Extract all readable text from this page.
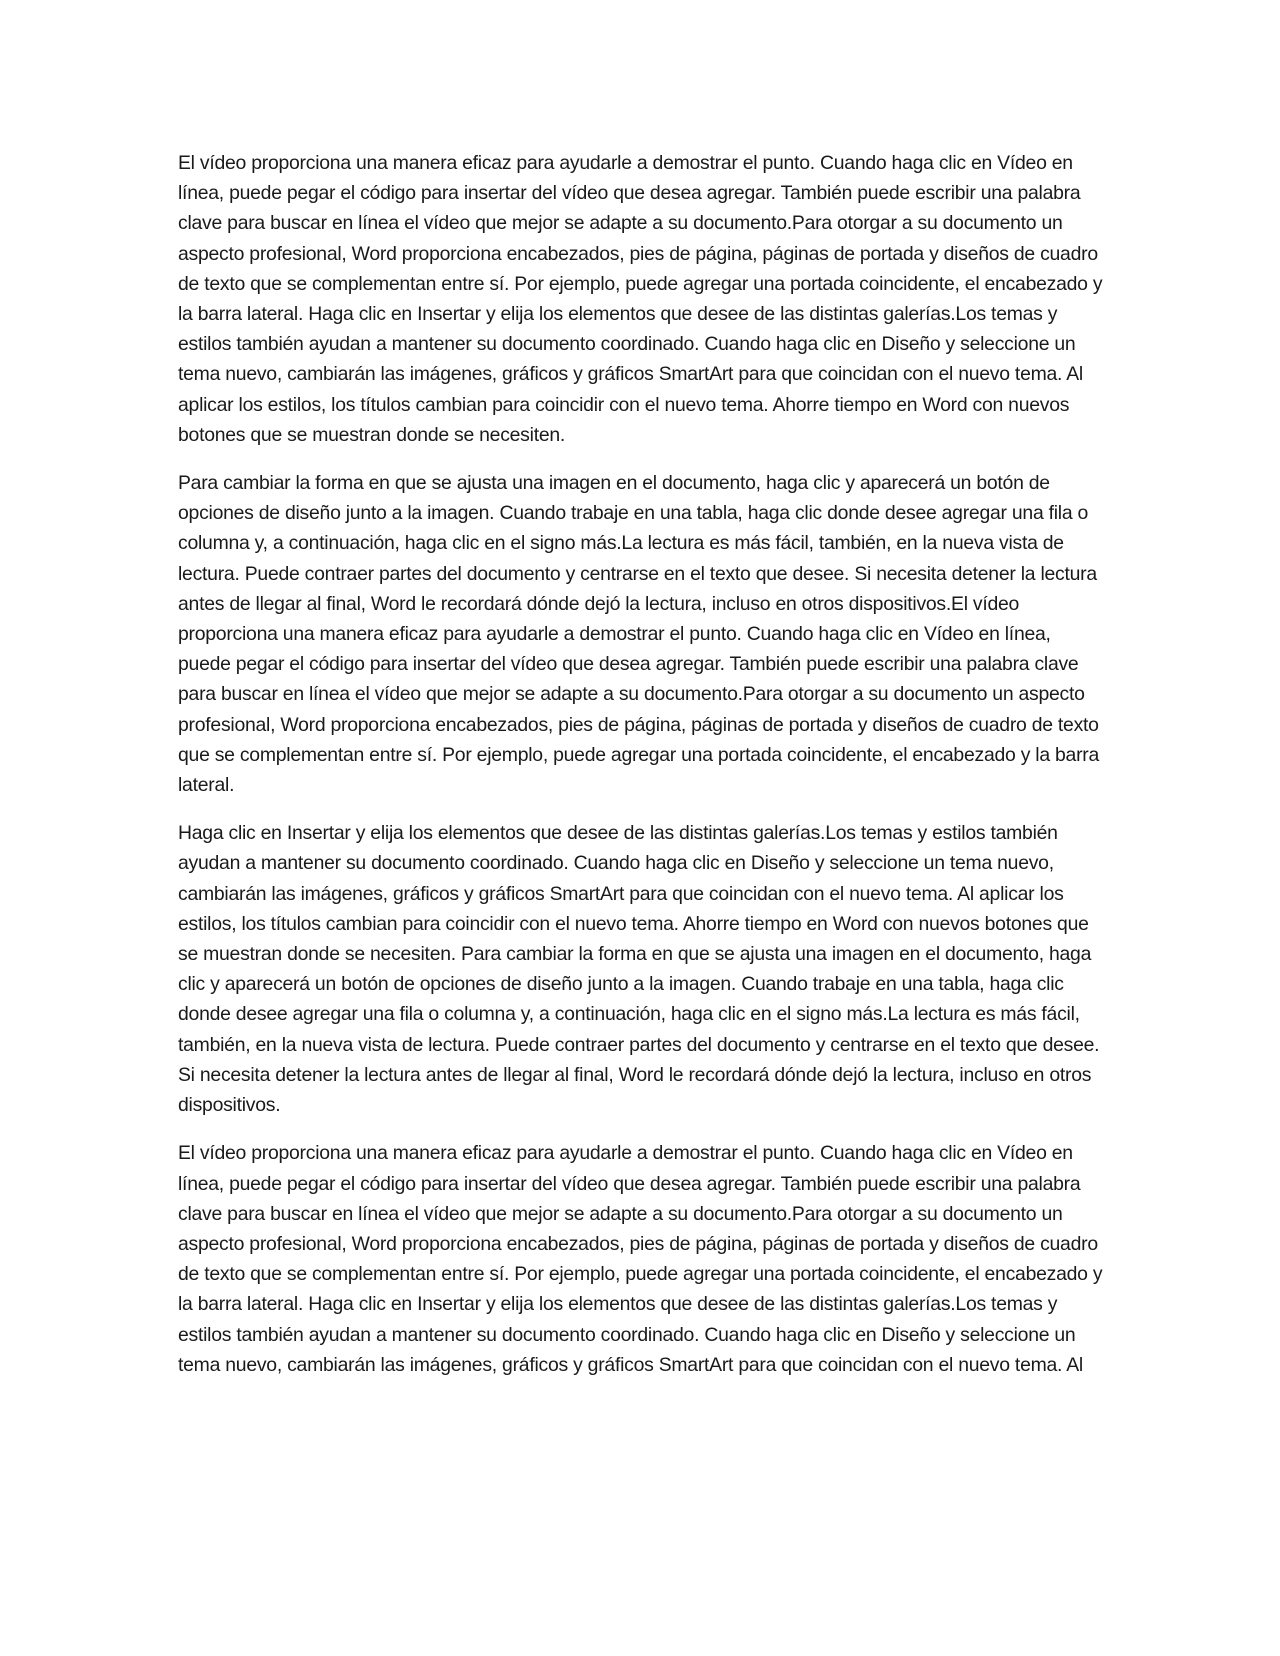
El vídeo proporciona una manera eficaz para ayudarle a demostrar el punto. Cuando haga clic en Vídeo en línea, puede pegar el código para insertar del vídeo que desea agregar. También puede escribir una palabra clave para buscar en línea el vídeo que mejor se adapte a su documento.Para otorgar a su documento un aspecto profesional, Word proporciona encabezados, pies de página, páginas de portada y diseños de cuadro de texto que se complementan entre sí. Por ejemplo, puede agregar una portada coincidente, el encabezado y la barra lateral. Haga clic en Insertar y elija los elementos que desee de las distintas galerías.Los temas y estilos también ayudan a mantener su documento coordinado. Cuando haga clic en Diseño y seleccione un tema nuevo, cambiarán las imágenes, gráficos y gráficos SmartArt para que coincidan con el nuevo tema. Al aplicar los estilos, los títulos cambian para coincidir con el nuevo tema. Ahorre tiempo en Word con nuevos botones que se muestran donde se necesiten.

Para cambiar la forma en que se ajusta una imagen en el documento, haga clic y aparecerá un botón de opciones de diseño junto a la imagen. Cuando trabaje en una tabla, haga clic donde desee agregar una fila o columna y, a continuación, haga clic en el signo más.La lectura es más fácil, también, en la nueva vista de lectura. Puede contraer partes del documento y centrarse en el texto que desee. Si necesita detener la lectura antes de llegar al final, Word le recordará dónde dejó la lectura, incluso en otros dispositivos.El vídeo proporciona una manera eficaz para ayudarle a demostrar el punto. Cuando haga clic en Vídeo en línea, puede pegar el código para insertar del vídeo que desea agregar. También puede escribir una palabra clave para buscar en línea el vídeo que mejor se adapte a su documento.Para otorgar a su documento un aspecto profesional, Word proporciona encabezados, pies de página, páginas de portada y diseños de cuadro de texto que se complementan entre sí. Por ejemplo, puede agregar una portada coincidente, el encabezado y la barra lateral.

Haga clic en Insertar y elija los elementos que desee de las distintas galerías.Los temas y estilos también ayudan a mantener su documento coordinado. Cuando haga clic en Diseño y seleccione un tema nuevo, cambiarán las imágenes, gráficos y gráficos SmartArt para que coincidan con el nuevo tema. Al aplicar los estilos, los títulos cambian para coincidir con el nuevo tema. Ahorre tiempo en Word con nuevos botones que se muestran donde se necesiten. Para cambiar la forma en que se ajusta una imagen en el documento, haga clic y aparecerá un botón de opciones de diseño junto a la imagen. Cuando trabaje en una tabla, haga clic donde desee agregar una fila o columna y, a continuación, haga clic en el signo más.La lectura es más fácil, también, en la nueva vista de lectura. Puede contraer partes del documento y centrarse en el texto que desee. Si necesita detener la lectura antes de llegar al final, Word le recordará dónde dejó la lectura, incluso en otros dispositivos.

El vídeo proporciona una manera eficaz para ayudarle a demostrar el punto. Cuando haga clic en Vídeo en línea, puede pegar el código para insertar del vídeo que desea agregar. También puede escribir una palabra clave para buscar en línea el vídeo que mejor se adapte a su documento.Para otorgar a su documento un aspecto profesional, Word proporciona encabezados, pies de página, páginas de portada y diseños de cuadro de texto que se complementan entre sí. Por ejemplo, puede agregar una portada coincidente, el encabezado y la barra lateral. Haga clic en Insertar y elija los elementos que desee de las distintas galerías.Los temas y estilos también ayudan a mantener su documento coordinado. Cuando haga clic en Diseño y seleccione un tema nuevo, cambiarán las imágenes, gráficos y gráficos SmartArt para que coincidan con el nuevo tema. Al
